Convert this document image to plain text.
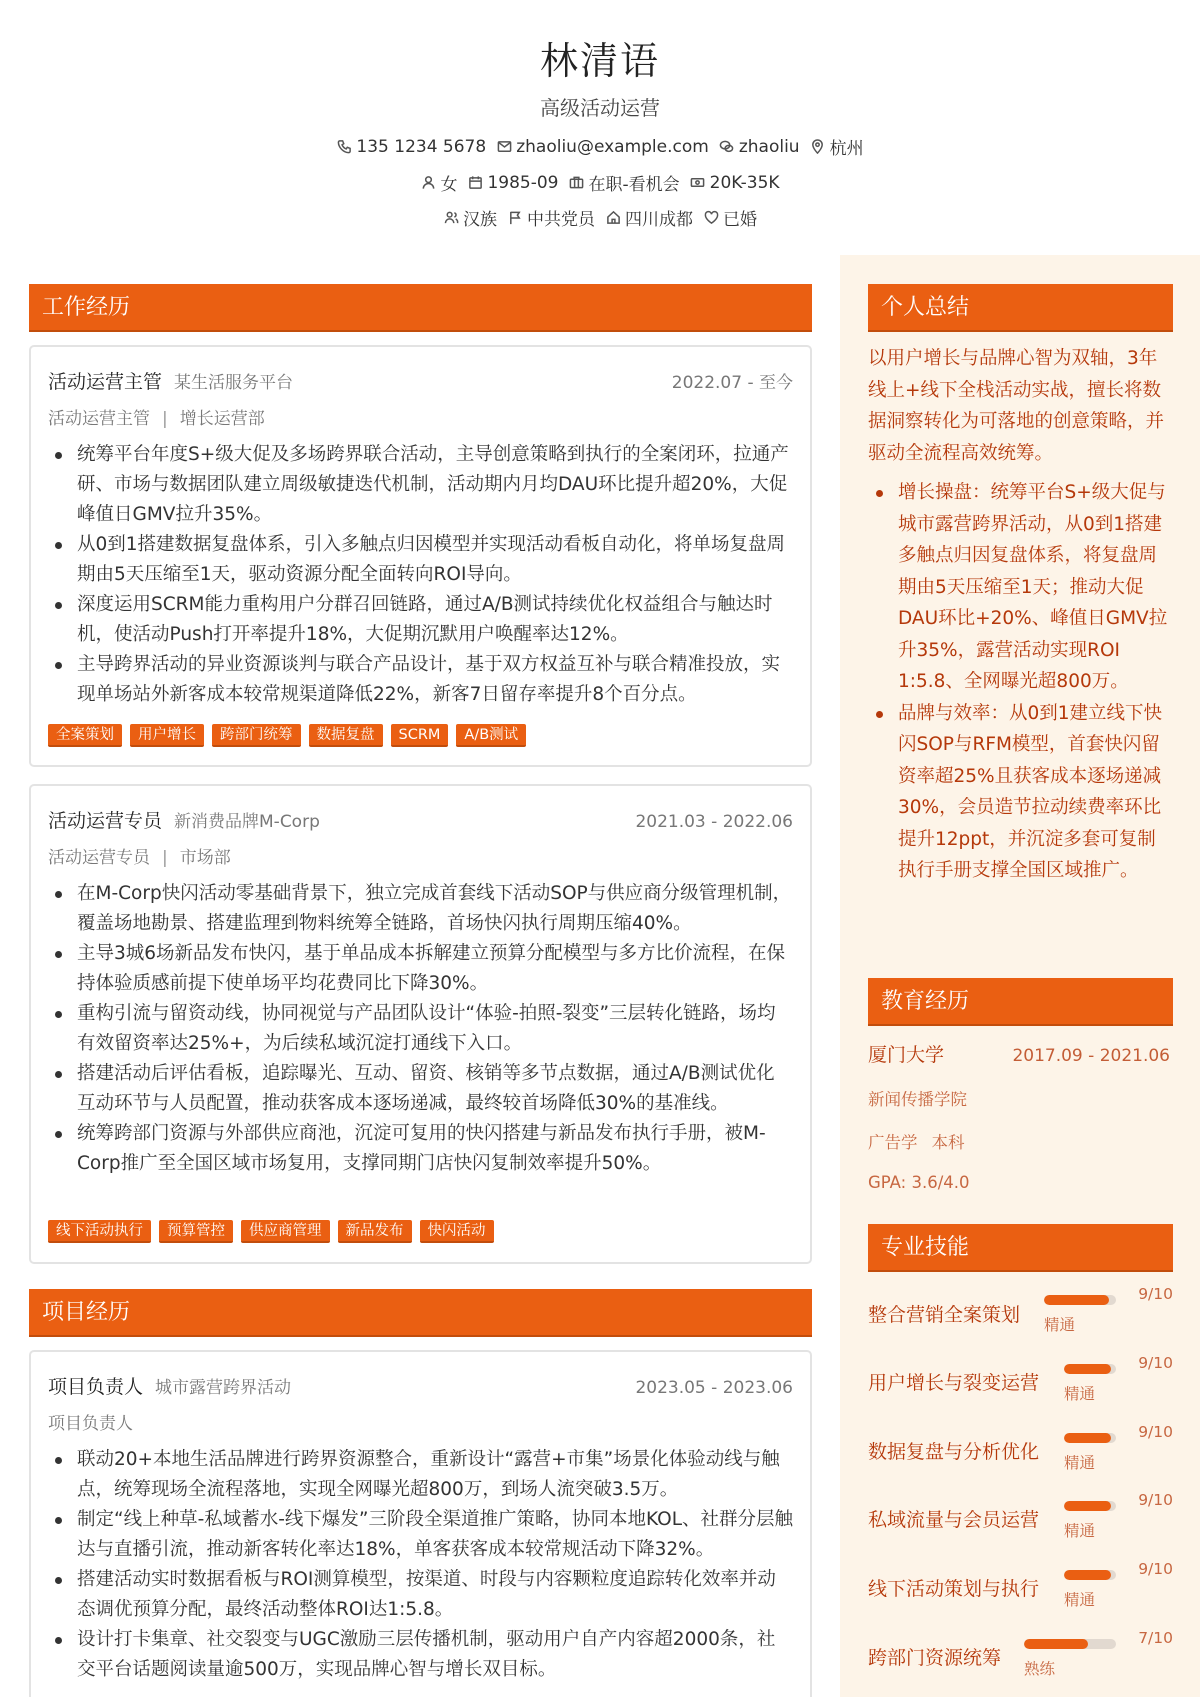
林清语
高级活动运营
135 1234 5678 zhaoliu@example.com zhaoliu 杭州
女 1985-09 在职-看机会 20K-35K
汉族 中共党员 四川成都 已婚
工作经历
活动运营主管 某生活服务平台	2022.07 - 至今
活动运营主管 | 增长运营部
统筹平台年度S+级大促及多场跨界联合活动，主导创意策略到执行的全案闭环，拉通产研、市场与数据团队建立周级敏捷迭代机制，活动期内月均DAU环比提升超20%，大促峰值日GMV拉升35%。
从0到1搭建数据复盘体系，引入多触点归因模型并实现活动看板自动化，将单场复盘周期由5天压缩至1天，驱动资源分配全面转向ROI导向。
深度运用SCRM能力重构用户分群召回链路，通过A/B测试持续优化权益组合与触达时机，使活动Push打开率提升18%，大促期沉默用户唤醒率达12%。
主导跨界活动的异业资源谈判与联合产品设计，基于双方权益互补与联合精准投放，实现单场站外新客成本较常规渠道降低22%，新客7日留存率提升8个百分点。
全案策划	用户增长	跨部门统筹	数据复盘	SCRM	A/B测试
活动运营专员 新消费品牌M-Corp	2021.03 - 2022.06
活动运营专员 | 市场部
在M-Corp快闪活动零基础背景下，独立完成首套线下活动SOP与供应商分级管理机制，覆盖场地勘景、搭建监理到物料统筹全链路，首场快闪执行周期压缩40%。
主导3城6场新品发布快闪，基于单品成本拆解建立预算分配模型与多方比价流程，在保持体验质感前提下使单场平均花费同比下降30%。
重构引流与留资动线，协同视觉与产品团队设计“体验-拍照-裂变”三层转化链路，场均有效留资率达25%+，为后续私域沉淀打通线下入口。
搭建活动后评估看板，追踪曝光、互动、留资、核销等多节点数据，通过A/B测试优化互动环节与人员配置，推动获客成本逐场递减，最终较首场降低30%的基准线。
统筹跨部门资源与外部供应商池，沉淀可复用的快闪搭建与新品发布执行手册，被M-Corp推广至全国区域市场复用，支撑同期门店快闪复制效率提升50%。
线下活动执行	预算管控	供应商管理	新品发布	快闪活动
项目经历
项目负责人 城市露营跨界活动	2023.05 - 2023.06
项目负责人
联动20+本地生活品牌进行跨界资源整合，重新设计“露营+市集”场景化体验动线与触点，统筹现场全流程落地，实现全网曝光超800万，到场人流突破3.5万。
制定“线上种草-私域蓄水-线下爆发”三阶段全渠道推广策略，协同本地KOL、社群分层触达与直播引流，推动新客转化率达18%，单客获客成本较常规活动下降32%。
搭建活动实时数据看板与ROI测算模型，按渠道、时段与内容颗粒度追踪转化效率并动态调优预算分配，最终活动整体ROI达1:5.8。
设计打卡集章、社交裂变与UGC激励三层传播机制，驱动用户自产内容超2000条，社交平台话题阅读量逾500万，实现品牌心智与增长双目标。
个人总结
以用户增长与品牌心智为双轴，3年线上+线下全栈活动实战，擅长将数据洞察转化为可落地的创意策略，并驱动全流程高效统筹。
增长操盘：统筹平台S+级大促与城市露营跨界活动，从0到1搭建多触点归因复盘体系，将复盘周期由5天压缩至1天；推动大促DAU环比+20%、峰值日GMV拉升35%，露营活动实现ROI 1:5.8、全网曝光超800万。
品牌与效率：从0到1建立线下快闪SOP与RFM模型，首套快闪留资率超25%且获客成本逐场递减30%，会员造节拉动续费率环比提升12ppt，并沉淀多套可复制执行手册支撑全国区域推广。
教育经历
厦门大学	2017.09 - 2021.06
新闻传播学院
广告学 本科
GPA: 3.6/4.0
专业技能
整合营销全案策划 精通
9/10
用户增长与裂变运营 精通
9/10
数据复盘与分析优化 精通
9/10
私域流量与会员运营 精通
9/10
线下活动策划与执行 精通
9/10
跨部门资源统筹 熟练
7/10
